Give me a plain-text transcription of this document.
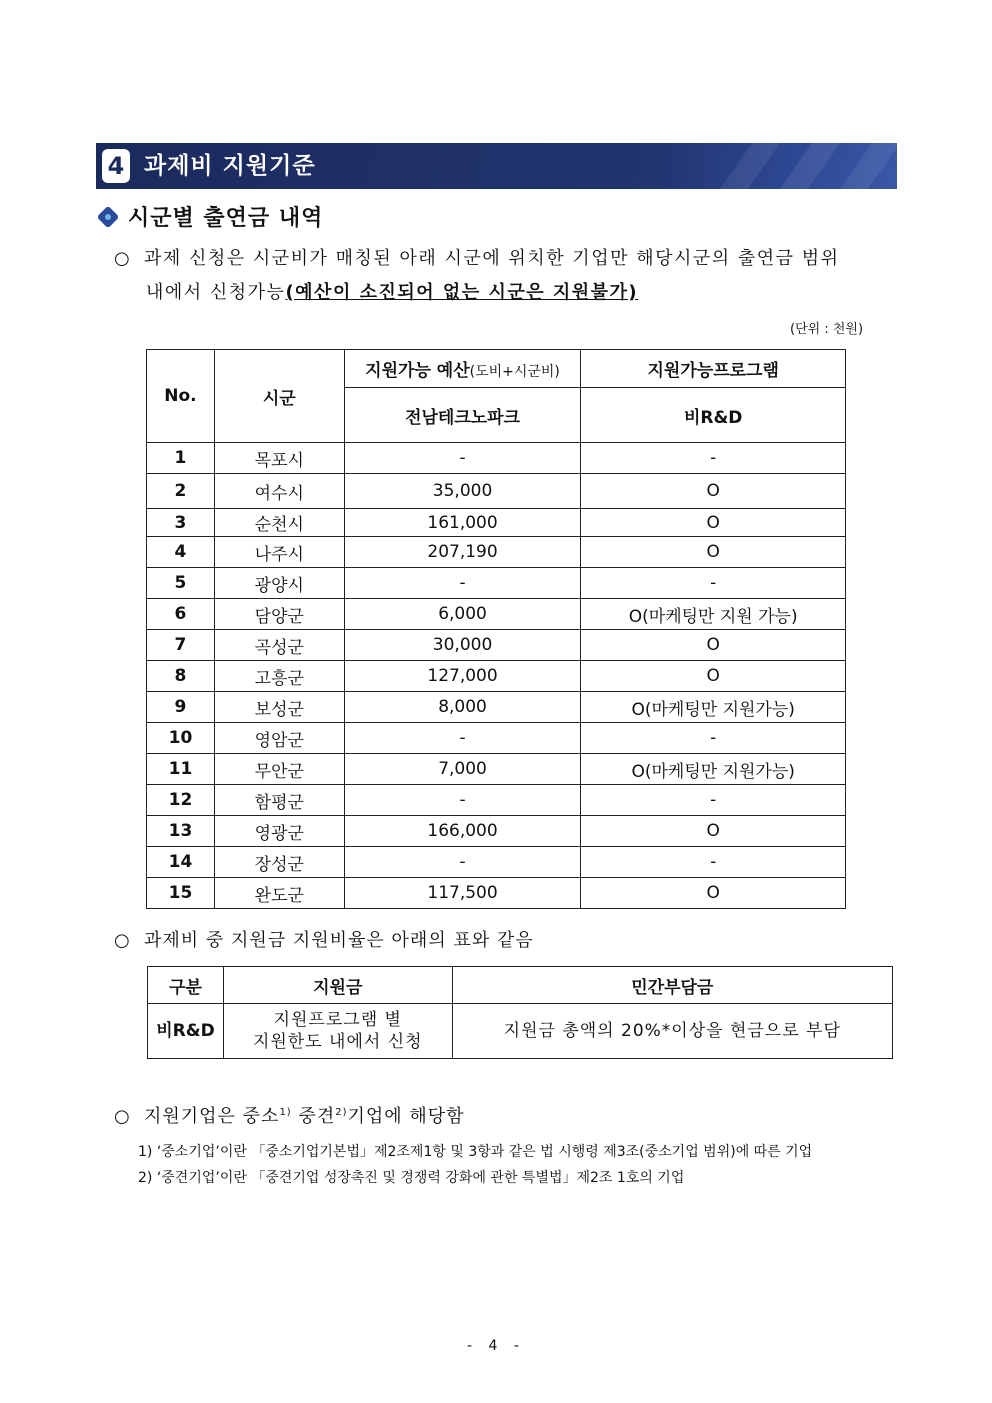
4 과제비 지원기준
시군별 출연금 내역
○ 과제 신청은 시군비가 매칭된 아래 시군에 위치한 기업만 해당시군의 출연금 범위
내에서 신청가능(예산이 소진되어 없는 시군은 지원불가)
(단위 : 천원)
No.	시군	지원가능 예산(도비+시군비)	지원가능프로그램
		전남테크노파크	비R&D
1	목포시	-	-
2	여수시	35,000	O
3	순천시	161,000	O
4	나주시	207,190	O
5	광양시	-	-
6	담양군	6,000	O(마케팅만 지원 가능)
7	곡성군	30,000	O
8	고흥군	127,000	O
9	보성군	8,000	O(마케팅만 지원가능)
10	영암군	-	-
11	무안군	7,000	O(마케팅만 지원가능)
12	함평군	-	-
13	영광군	166,000	O
14	장성군	-	-
15	완도군	117,500	O
○ 과제비 중 지원금 지원비율은 아래의 표와 같음
구분	지원금	민간부담금
비R&D	지원프로그램 별
지원한도 내에서 신청	지원금 총액의 20%*이상을 현금으로 부담
○ 지원기업은 중소$^{1)}$ 중견$^{2)}$기업에 해당함
1) ‘중소기업’이란 「중소기업기본법」제2조제1항 및 3항과 같은 법 시행령 제3조(중소기업 범위)에 따른 기업
2) ‘중견기업’이란 「중견기업 성장촉진 및 경쟁력 강화에 관한 특별법」제2조 1호의 기업
- 4 -
